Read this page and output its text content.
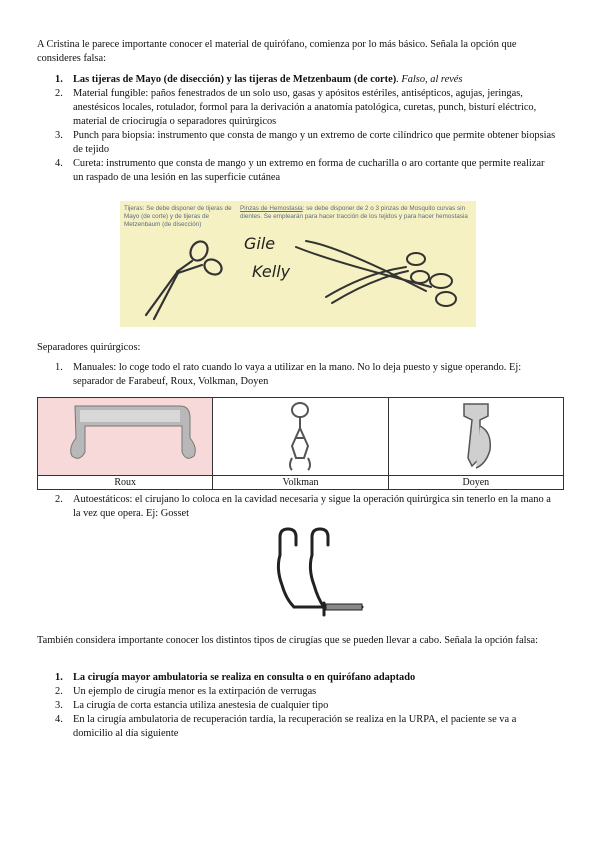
A Cristina le parece importante conocer el material de quirófano, comienza por lo más básico. Señala la opción que consideres falsa:
1. Las tijeras de Mayo (de disección) y las tijeras de Metzenbaum (de corte). Falso, al revés
2. Material fungible: paños fenestrados de un solo uso, gasas y apósitos estériles, antisépticos, agujas, jeringas, anestésicos locales, rotulador, formol para la derivación a anatomía patológica, curetas, punch, bisturí eléctrico, material de criocirugía o separadores quirúrgicos
3. Punch para biopsia: instrumento que consta de mango y un extremo de corte cilíndrico que permite obtener biopsias de tejido
4. Cureta: instrumento que consta de mango y un extremo en forma de cucharilla o aro cortante que permite realizar un raspado de una lesión en las superficie cutánea
Tijeras: Se debe disponer de tijeras de Mayo (de corte) y de tijeras de Metzenbaum (de disección)
Pinzas de Hemostasia: se debe disponer de 2 o 3 pinzas de Mosquito curvas sin dientes. Se emplearán para hacer tracción de los tejidos y para hacer hemostasia
Gile
Kelly
Separadores quirúrgicos:
1. Manuales: lo coge todo el rato cuando lo vaya a utilizar en la mano. No lo deja puesto y sigue operando. Ej: separador de Farabeuf, Roux, Volkman, Doyen

Roux	Volkman	Doyen
2. Autoestáticos: el cirujano lo coloca en la cavidad necesaria y sigue la operación quirúrgica sin tenerlo en la mano a la vez que opera. Ej: Gosset
También considera importante conocer los distintos tipos de cirugías que se pueden llevar a cabo. Señala la opción falsa:
1. La cirugía mayor ambulatoria se realiza en consulta o en quirófano adaptado
2. Un ejemplo de cirugía menor es la extirpación de verrugas
3. La cirugía de corta estancia utiliza anestesia de cualquier tipo
4. En la cirugía ambulatoria de recuperación tardía, la recuperación se realiza en la URPA, el paciente se va a domicilio al día siguiente
